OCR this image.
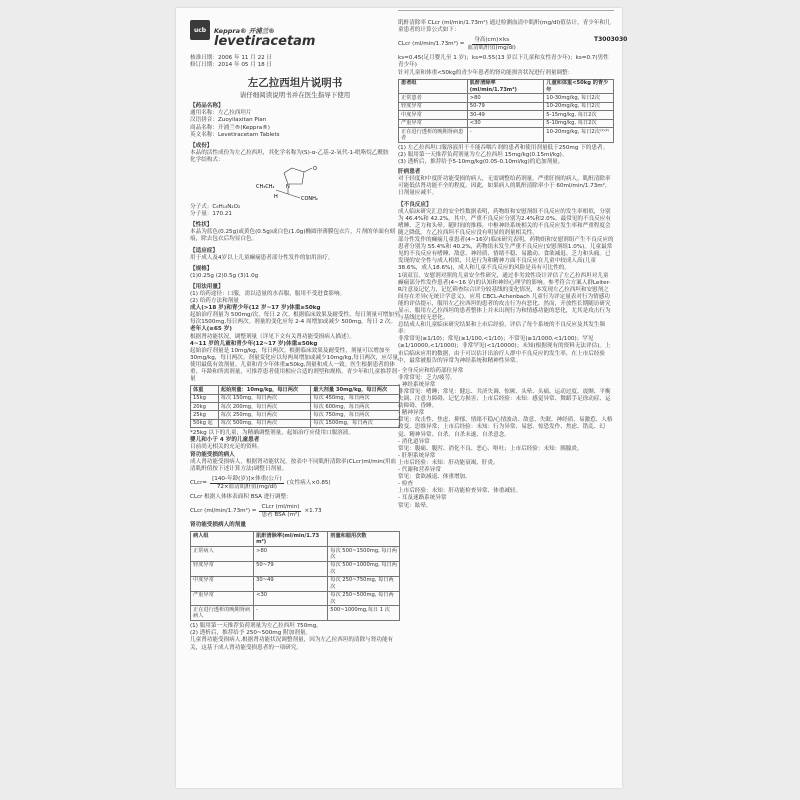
T3003030
ucb	Keppra® 开浦兰®
levetiracetam

核准日期：2006 年 11 月 22 日

修订日期：2014 年 05 月 18 日

左乙拉西坦片说明书
请仔细阅读说明书并在医生指导下使用
【药品名称】

通用名称：左乙拉西坦片

汉语拼音：Zuoyilaxitan Pian

商品名称：开浦兰®(Keppra®)

英文名称：Levetiracetam Tablets

【成份】

本品的活性成份为左乙拉西坦，其化学名称为(S)-α-乙基-2-氧代-1-吡咯烷乙酰胺

化学结构式：

O
N
CH₃CH₂
H	CONH₂

分子式：C₈H₁₄N₂O₂

分子量：170.21

【性状】

本品为蓝色(0.25g)或黄色(0.5g)或白色(1.0g)椭圆形薄膜包衣片，片剂的单面有刻痕，除去包衣后均显白色。

【适应症】

用于成人及4岁以上儿童癫痫患者部分性发作的加用治疗。

【规格】

(1)0.25g (2)0.5g (3)1.0g

【用法用量】

(1) 给药途径：口服，需以适量的水吞服，服用不受进食影响。

(2) 给药方法和剂量

成人(>18 岁)和青少年(12 岁~17 岁)体重≥50kg

起始治疗剂量为 500mg/次，每日 2 次。根据临床效果及耐受性，每日剂量可增加至每次1500mg,每日两次。剂量的变化应每 2-4 周增加或减少 500mg，每日 2 次。

老年人(≥65 岁)

根据肾功能状况，调整剂量（详见下文有关肾功能受损病人描述）。

4~11 岁的儿童和青少年(12~17 岁)体重≤50kg

起始治疗剂量是 10mg/kg，每日两次。根据临床效果及耐受性，剂量可以增加至30mg/kg，每日两次。剂量变化应以每两周增加或减少10mg/kg,每日两次，应尽量使用最低有效剂量。儿童和青少年体重≥50kg,剂量和成人一致。医生根据患者的体重、年龄和所需剂量，可推荐患者使用相应合适的剂型和规格。青少年和儿童推荐剂量

体重	起始剂量：10mg/kg，每日两次	最大剂量 30mg/kg，每日两次
15kg	每次 150mg，每日两次	每次 450mg，每日两次
20kg	每次 200mg，每日两次	每次 600mg，每日两次
25kg	每次 250mg，每日两次	每次 750mg，每日两次
50kg 起	每次 500mg，每日两次	每次 1500mg，每日两次

*25kg 以下的儿童，为精确调整剂量，起始治疗应使用口服溶液。

婴儿和小于 4 岁的儿童患者

目前尚无相关的充足的资料。

肾功能受损的病人

成人肾功能受损病人，根据肾功能状况，按表中不同肌酐清除率(CLcr)ml/min(用血清肌酐值按下述计算方法)调整日剂量。

CLcr= $\frac{\text{[140-年龄(岁)]×体重(公斤)}}{\text{72×血清肌酐值(mg/dl)}}$ (女性病人×0.85)

CLcr 根据人体体表面积 BSA 进行调整：

CLcr $(ml/\min/1.73m^2) = \frac{\text{CLcr (ml/min)}}{\text{患者 BSA (m²)}} \times 1.73$

肾功能受损病人的剂量

病人组	肌酐清除率(ml/min/1.73 m²)	剂量和服用次数
正常病人	>80	每次 500~1500mg, 每日两次
轻度异常	50~79	每次 500~1000mg, 每日两次
中度异常	30~49	每次 250~750mg, 每日两次
严重异常	<30	每次 250~500mg, 每日两次
正在进行透析的晚期肾病病人	-	500~1000mg,每日 1 次

(1) 服用第一天推荐负荷剂量为左乙拉西坦 750mg。

(2) 透析后，推荐给予 250~500mg 附加剂量。

儿童肾功能受损病人,根据肾功能状况调整剂量，因为左乙拉西坦的清除与肾功能有关，这基于成人肾功能受损患者的一项研究。

肌酐清除率 CLcr (ml/min/1.73m²) 通过检测血清中肌酐(mg/dl)值估计，青少年和儿童患者的计算公式如下：

CLcr $(ml/\min/1.73m^2) = \frac{\text{身高(cm)×ks}}{\text{血清肌酐值(mg/dl)}}$

ks=0.45(足月婴儿至 1 岁)；ks=0.55(13 岁以下儿童和女性青少年)；ks=0.7(男性青少年)

针对儿童和体重<50kg的青少年患者的肾功能损害状况进行剂量调整：

患者组	肌酐清除率(ml/min/1.73m²)	儿童和体重<50kg 的青少年
正常患者	>80	10-30mg/kg, 每日2次
轻度异常	50-79	10-20mg/kg, 每日2次
中度异常	30-49	5-15mg/kg, 每日2次
严重异常	<30	5-10mg/kg, 每日2次
正在进行透析的晚期肾病患者	-	10-20mg/kg, 每日2次⁽¹⁾⁽²⁾

(1) 左乙拉西坦口服溶液用于不能吞咽片剂的患者和使用剂量低于250mg 下的患者。

(2) 服用第一天推荐负荷剂量为左乙拉西坦 15mg/kg(0.15ml/kg)。

(3) 透析后，推荐给予5-10mg/kg(0.05-0.10ml/kg)的追加剂量。

肝病患者

对于轻度和中度肝功能受损的病人，无需调整给药剂量。严重肝损的病人，肌酐清除率可能低估肾功能不全的程度。因此，如果病人的肌酐清除率小于 60ml/min/1.73m²，日剂量应减半。

【不良反应】

成人临床研究汇总的安全性数据表明，药物组和安慰剂组不良反应的发生率相似，分别为 46.4%和 42.2%。其中，严重不良反应分别为2.4%和2.0%。最常见的不良反应有嗜睡、乏力和头晕。随时间的推移，中枢神经系统相关的不良反应发生率和严重程度会随之降低。左乙拉西坦不良反应没有明显的剂量相关性。

部分性发作的癫痫儿童患者(4~16岁)临床研究表明，药物组和安慰剂组产生不良反应的患者分别为 55.4%和 40.2%，药物组未发生严重不良反应(安慰剂组1.0%)。儿童最常见的不良反应有嗜睡、敌意、神经质、情绪不稳、易激动、食欲减退、乏力和头痛。已发现的安全性与成人相似，只是行为和精神方面不良反应在儿童中较成人高(儿童38.6%，成人18.6%)，成人和儿童不良反应的风险是具有可比性的。

1项双盲、安慰剂对照的儿童安全性研究，通过非劣效性设计评估了左乙拉西坦对儿童癫痫部分性发作患者(4~16 岁)的认知和神经心理学的影响。参考符合方案人群Leiter-R注意及记忆力，记忆筛查综合评分较基线的变化情况，本发现左乙拉西坦和安慰剂之间存在差异(无统计学意义)。应用 CBCL-Achenbach 儿童行为评定量表对行为情感功能的评估提示，服用左乙拉西坦的患者的攻击行为有恶化。然而，开放性长期随访研究显示，服用左乙拉西坦的患者整体上并未出现行为和情感功能的恶化，尤其是攻击行为与基线比较无恶化。

总结成人和儿童临床研究结果和上市后经验，评估了每个系统的不良反应及其发生频率：

非常常见(≥1/10)；常见(≥1/100,<1/10)；不常见(≥1/1000,<1/100)；罕见(≥1/10000,<1/1000)；非常罕见(<1/10000)；未知(根据现有的资料无法评估)。上市后临床应用的数据，由于可以估计出治疗人群中不良反应的发生率，在上市后经验中，最常被报告的异常为神经系统和精神性异常。

- 全身反应和给药部位异常

非常常见：乏力/疲劳。

- 神经系统异常

非常常见：嗜睡；常见：健忘、共济失调、惊厥、头晕、头痛、运动过度、震颤、平衡失调、注意力障碍、记忆力损害；上市后经验：未知：感觉异常、舞蹈手足徐动症、运动障碍、昏睡。

- 精神异常

常见：攻击性、焦虑、抑郁、情绪不稳/心情波动、敌意、失眠、神经质、易激惹、人格改变、思维异常；上市后经验：未知：行为异常、易怒、惊恐发作、焦虑、错乱、幻觉、精神异常、自杀、自杀未遂、自杀意念。

- 消化道异常

常见：腹痛、腹泻、消化不良、恶心、呕吐；上市后经验：未知：胰腺炎。

- 肝胆系统异常

上市后经验：未知：肝功能衰竭、肝炎。

- 代谢和营养异常

常见：食欲减退、体重增加。

- 检查

上市后经验：未知：肝功能检查异常、体重减轻。

- 耳及迷路系统异常

常见：眩晕。
